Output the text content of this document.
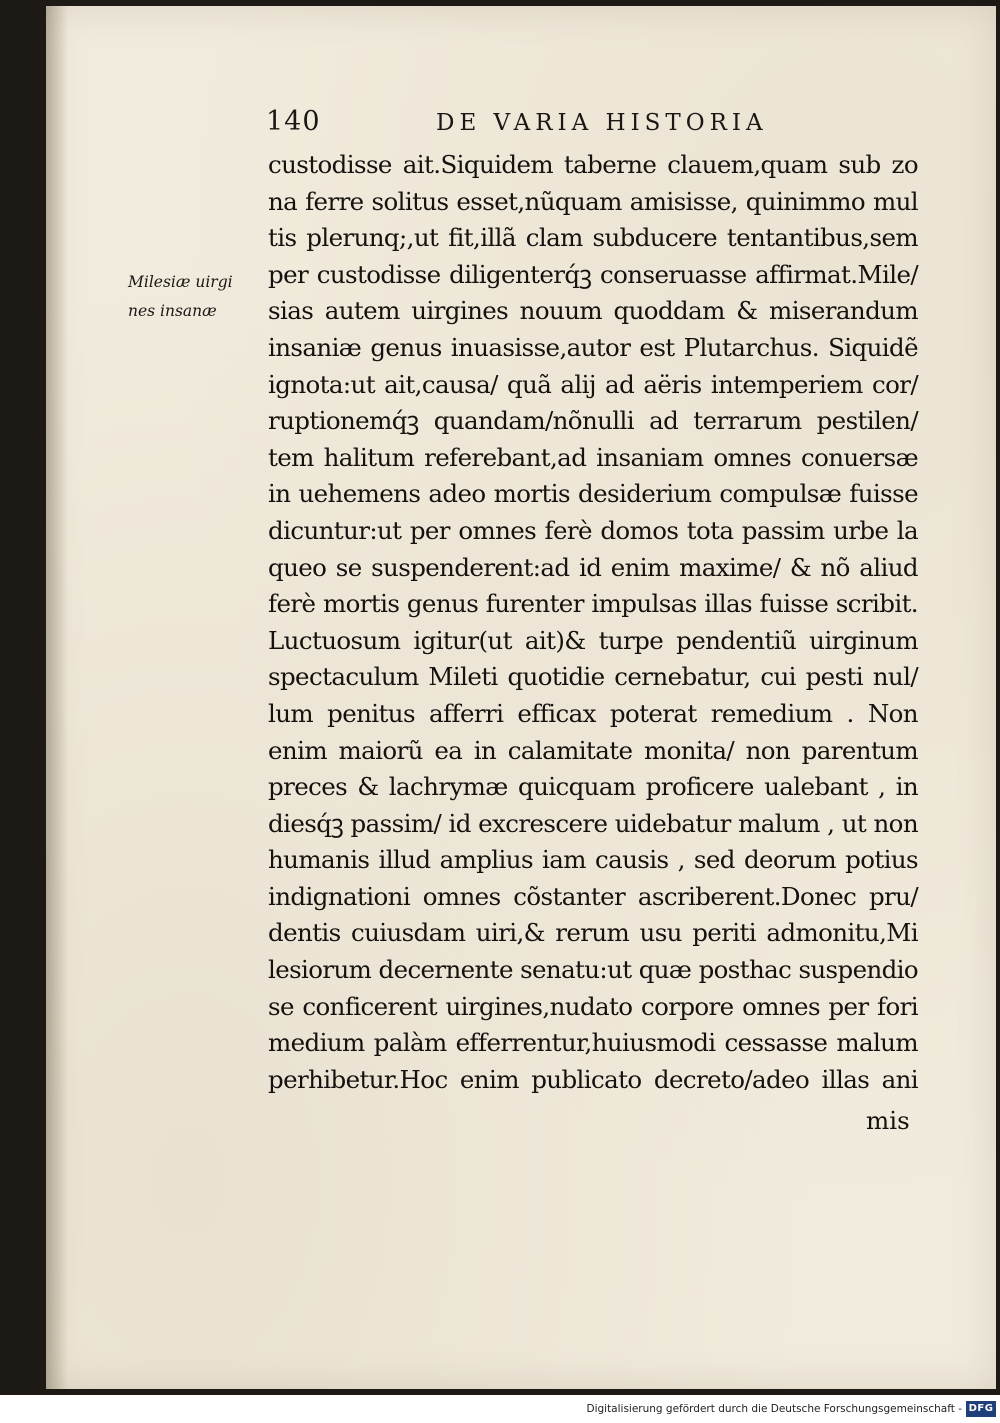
140	DE VARIA HISTORIA
Milesiæ uirgi
nes insanæ
custodisse ait.Siquidem taberne clauem,quam sub zo
na ferre solitus esset,nũquam amisisse, quinimmo mul
tis plerunq;,ut fit,illã clam subducere tentantibus,sem
per custodisse diligenterq́ꝫ conseruasse affirmat.Mile/
sias autem uirgines nouum quoddam & miserandum
insaniæ genus inuasisse,autor est Plutarchus. Siquidẽ
ignota:ut ait,causa/ quã alij ad aëris intemperiem cor/
ruptionemq́ꝫ quandam/nõnulli ad terrarum pestilen/
tem halitum referebant,ad insaniam omnes conuersæ
in uehemens adeo mortis desiderium compulsæ fuisse
dicuntur:ut per omnes ferè domos tota passim urbe la
queo se suspenderent:ad id enim maxime/ & nõ aliud
ferè mortis genus furenter impulsas illas fuisse scribit.
Luctuosum igitur(ut ait)& turpe pendentiũ uirginum
spectaculum Mileti quotidie cernebatur, cui pesti nul/
lum penitus afferri efficax poterat remedium . Non
enim maiorũ ea in calamitate monita/ non parentum
preces & lachrymæ quicquam proficere ualebant , in
diesq́ꝫ passim/ id excrescere uidebatur malum , ut non
humanis illud amplius iam causis , sed deorum potius
indignationi omnes cõstanter ascriberent.Donec pru/
dentis cuiusdam uiri,& rerum usu periti admonitu,Mi
lesiorum decernente senatu:ut quæ posthac suspendio
se conficerent uirgines,nudato corpore omnes per fori
medium palàm efferrentur,huiusmodi cessasse malum
perhibetur.Hoc enim publicato decreto/adeo illas ani
mis
Digitalisierung gefördert durch die Deutsche Forschungsgemeinschaft - DFG
